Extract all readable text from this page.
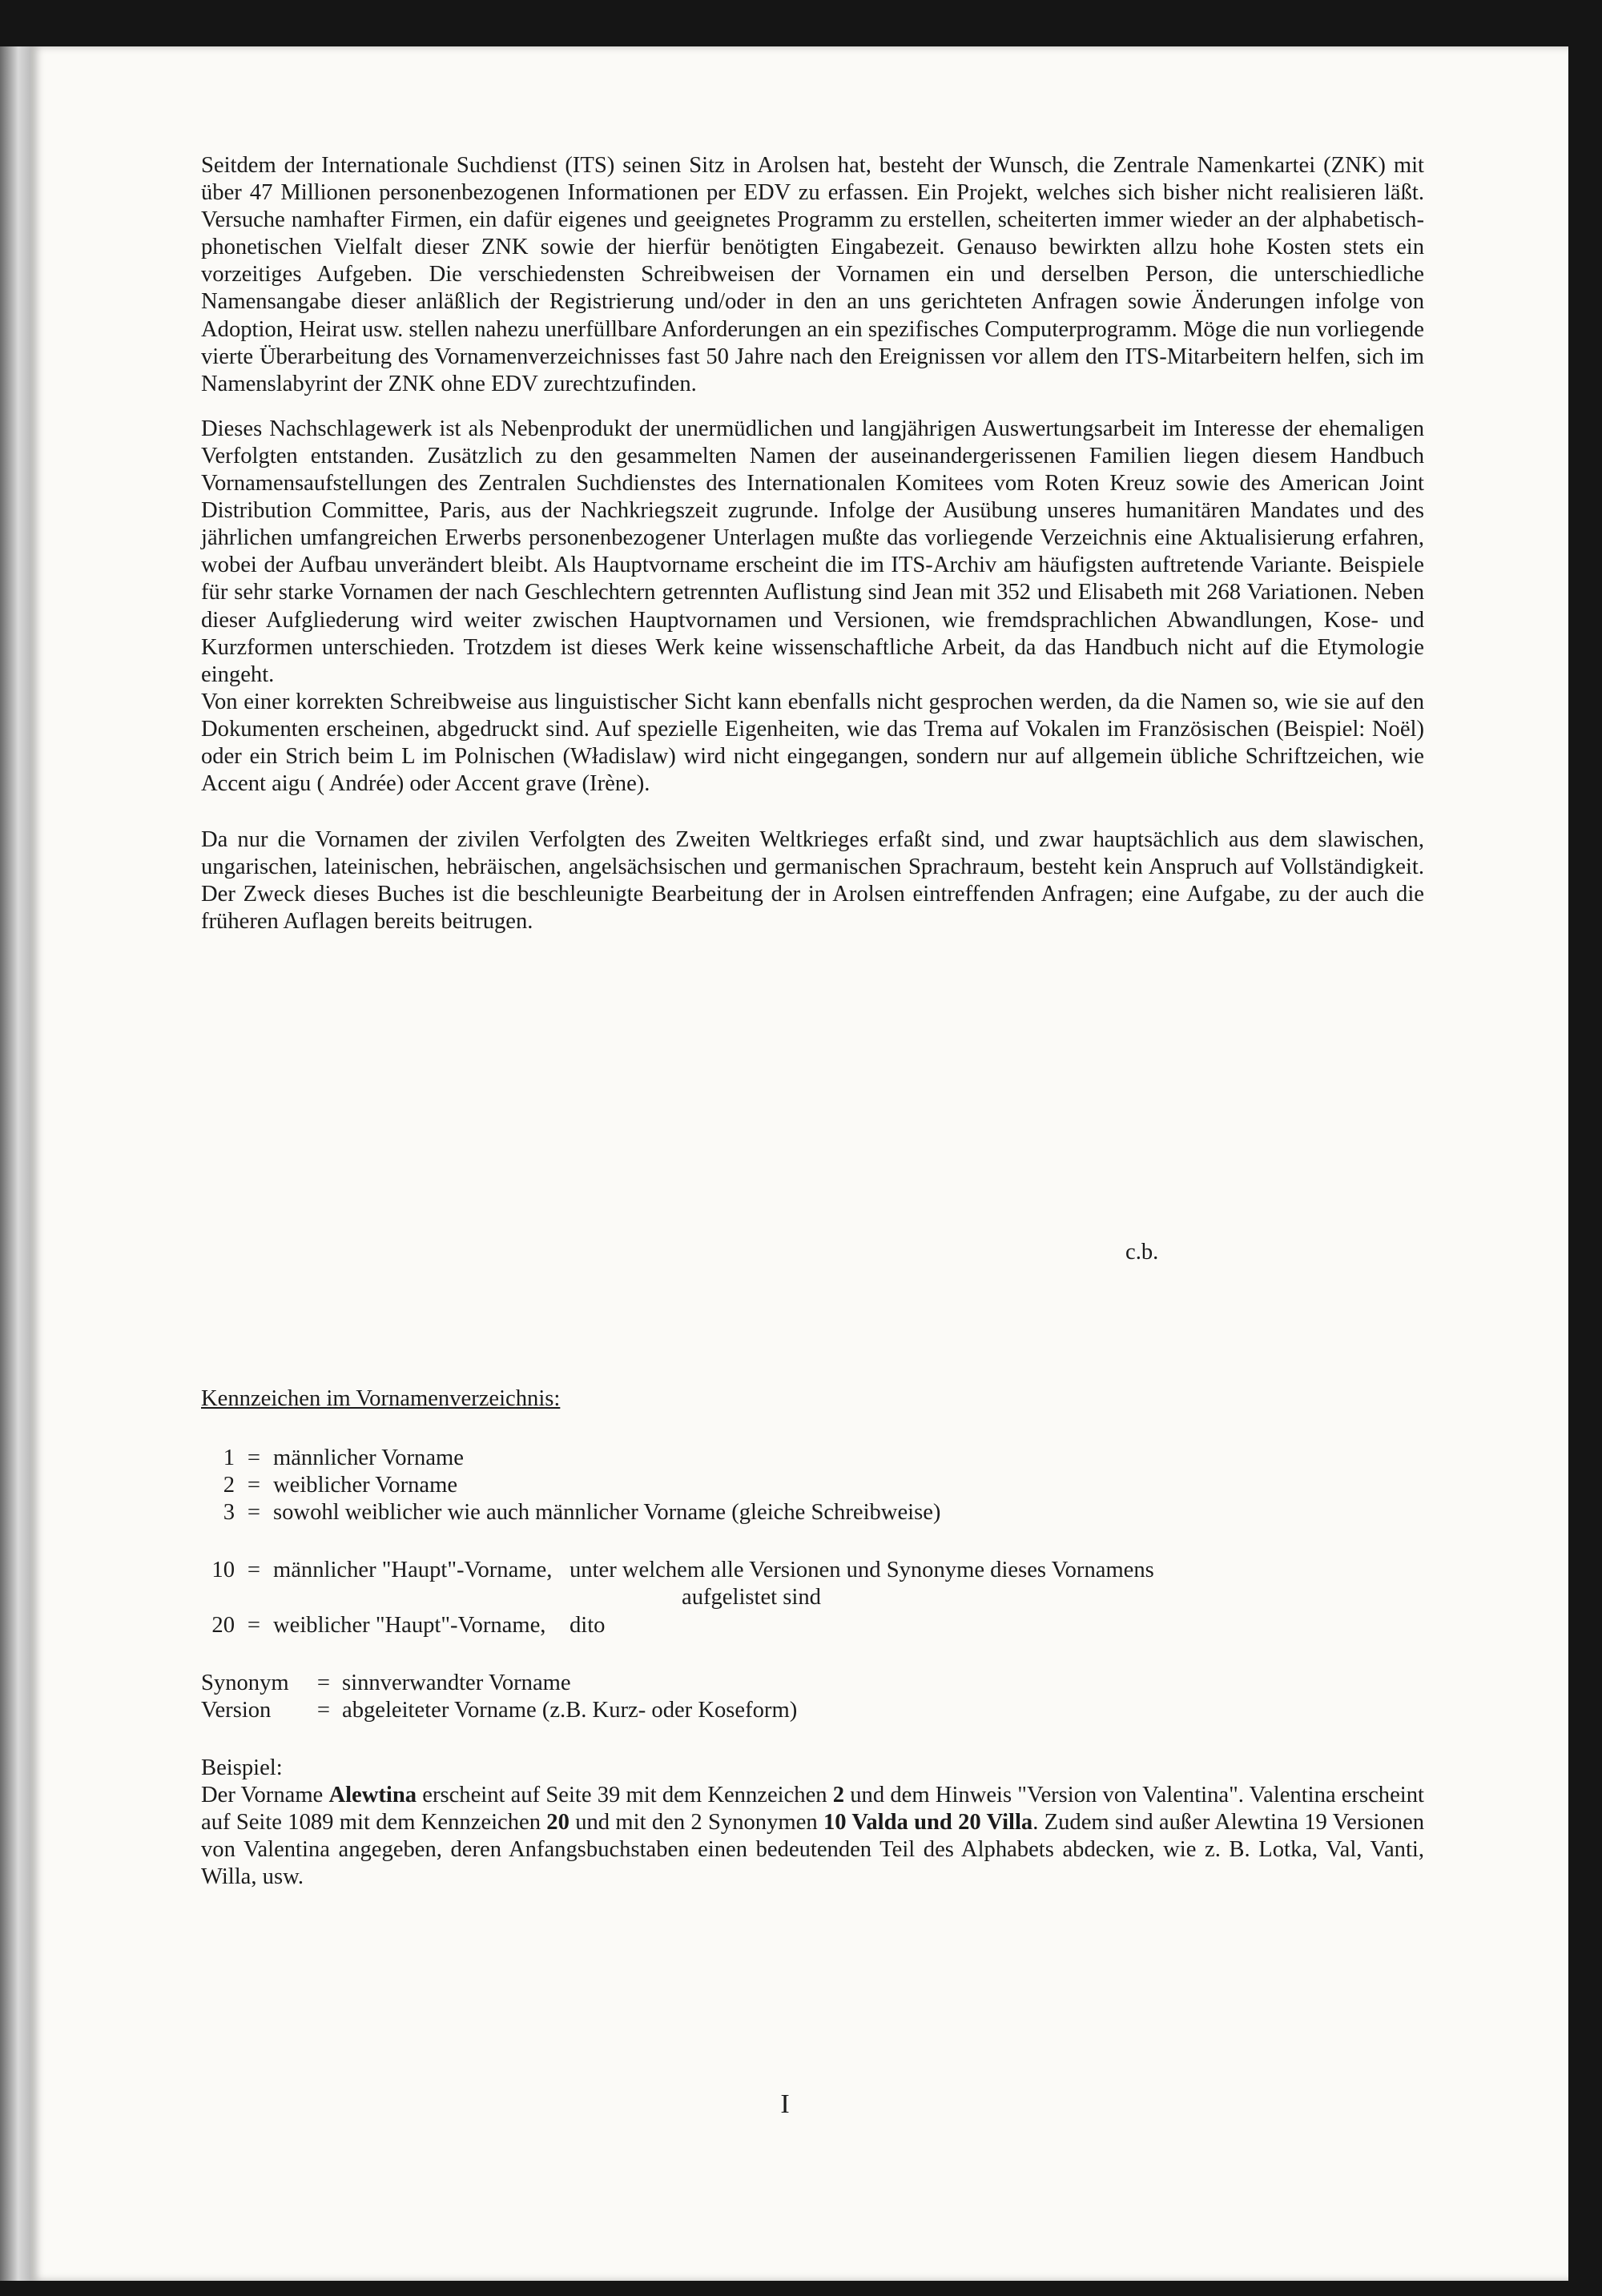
Seitdem der Internationale Suchdienst (ITS) seinen Sitz in Arolsen hat, besteht der Wunsch, die Zentrale Namenkartei (ZNK) mit über 47 Millionen personenbezogenen Informationen per EDV zu erfassen. Ein Projekt, welches sich bisher nicht realisieren läßt. Versuche namhafter Firmen, ein dafür eigenes und geeignetes Programm zu erstellen, scheiterten immer wieder an der alphabetisch-phonetischen Vielfalt dieser ZNK sowie der hierfür benötigten Eingabezeit. Genauso bewirkten allzu hohe Kosten stets ein vorzeitiges Aufgeben. Die verschiedensten Schreibweisen der Vornamen ein und derselben Person, die unterschiedliche Namensangabe dieser anläßlich der Registrierung und/oder in den an uns gerichteten Anfragen sowie Änderungen infolge von Adoption, Heirat usw. stellen nahezu unerfüllbare Anforderungen an ein spezifisches Computerprogramm. Möge die nun vorliegende vierte Überarbeitung des Vornamenverzeichnisses fast 50 Jahre nach den Ereignissen vor allem den ITS-Mitarbeitern helfen, sich im Namenslabyrint der ZNK ohne EDV zurechtzufinden.

Dieses Nachschlagewerk ist als Nebenprodukt der unermüdlichen und langjährigen Auswertungsarbeit im Interesse der ehemaligen Verfolgten entstanden. Zusätzlich zu den gesammelten Namen der auseinandergerissenen Familien liegen diesem Handbuch Vornamensaufstellungen des Zentralen Suchdienstes des Internationalen Komitees vom Roten Kreuz sowie des American Joint Distribution Committee, Paris, aus der Nachkriegszeit zugrunde. Infolge der Ausübung unseres humanitären Mandates und des jährlichen umfangreichen Erwerbs personenbezogener Unterlagen mußte das vorliegende Verzeichnis eine Aktualisierung erfahren, wobei der Aufbau unverändert bleibt. Als Hauptvorname erscheint die im ITS-Archiv am häufigsten auftretende Variante. Beispiele für sehr starke Vornamen der nach Geschlechtern getrennten Auflistung sind Jean mit 352 und Elisabeth mit 268 Variationen. Neben dieser Aufgliederung wird weiter zwischen Hauptvornamen und Versionen, wie fremdsprachlichen Abwandlungen, Kose- und Kurzformen unterschieden. Trotzdem ist dieses Werk keine wissenschaftliche Arbeit, da das Handbuch nicht auf die Etymologie eingeht.

Von einer korrekten Schreibweise aus linguistischer Sicht kann ebenfalls nicht gesprochen werden, da die Namen so, wie sie auf den Dokumenten erscheinen, abgedruckt sind. Auf spezielle Eigenheiten, wie das Trema auf Vokalen im Französischen (Beispiel: Noël) oder ein Strich beim L im Polnischen (Władislaw) wird nicht eingegangen, sondern nur auf allgemein übliche Schriftzeichen, wie Accent aigu ( Andrée) oder Accent grave (Irène).

Da nur die Vornamen der zivilen Verfolgten des Zweiten Weltkrieges erfaßt sind, und zwar hauptsächlich aus dem slawischen, ungarischen, lateinischen, hebräischen, angelsächsischen und germanischen Sprachraum, besteht kein Anspruch auf Vollständigkeit. Der Zweck dieses Buches ist die beschleunigte Bearbeitung der in Arolsen eintreffenden Anfragen; eine Aufgabe, zu der auch die früheren Auflagen bereits beitrugen.

c.b.
Kennzeichen im Vornamenverzeichnis:
1 = männlicher Vorname
2 = weiblicher Vorname
3 = sowohl weiblicher wie auch männlicher Vorname (gleiche Schreibweise)
10 = männlicher "Haupt"-Vorname, unter welchem alle Versionen und Synonyme dieses Vornamens
aufgelistet sind
20 = weiblicher "Haupt"-Vorname,	dito
Synonym	= sinnverwandter Vorname
Version	= abgeleiteter Vorname (z.B. Kurz- oder Koseform)
Beispiel:

Der Vorname Alewtina erscheint auf Seite 39 mit dem Kennzeichen 2 und dem Hinweis "Version von Valentina". Valentina erscheint auf Seite 1089 mit dem Kennzeichen 20 und mit den 2 Synonymen 10 Valda und 20 Villa. Zudem sind außer Alewtina 19 Versionen von Valentina angegeben, deren Anfangsbuchstaben einen bedeutenden Teil des Alphabets abdecken, wie z. B. Lotka, Val, Vanti, Willa, usw.

I
